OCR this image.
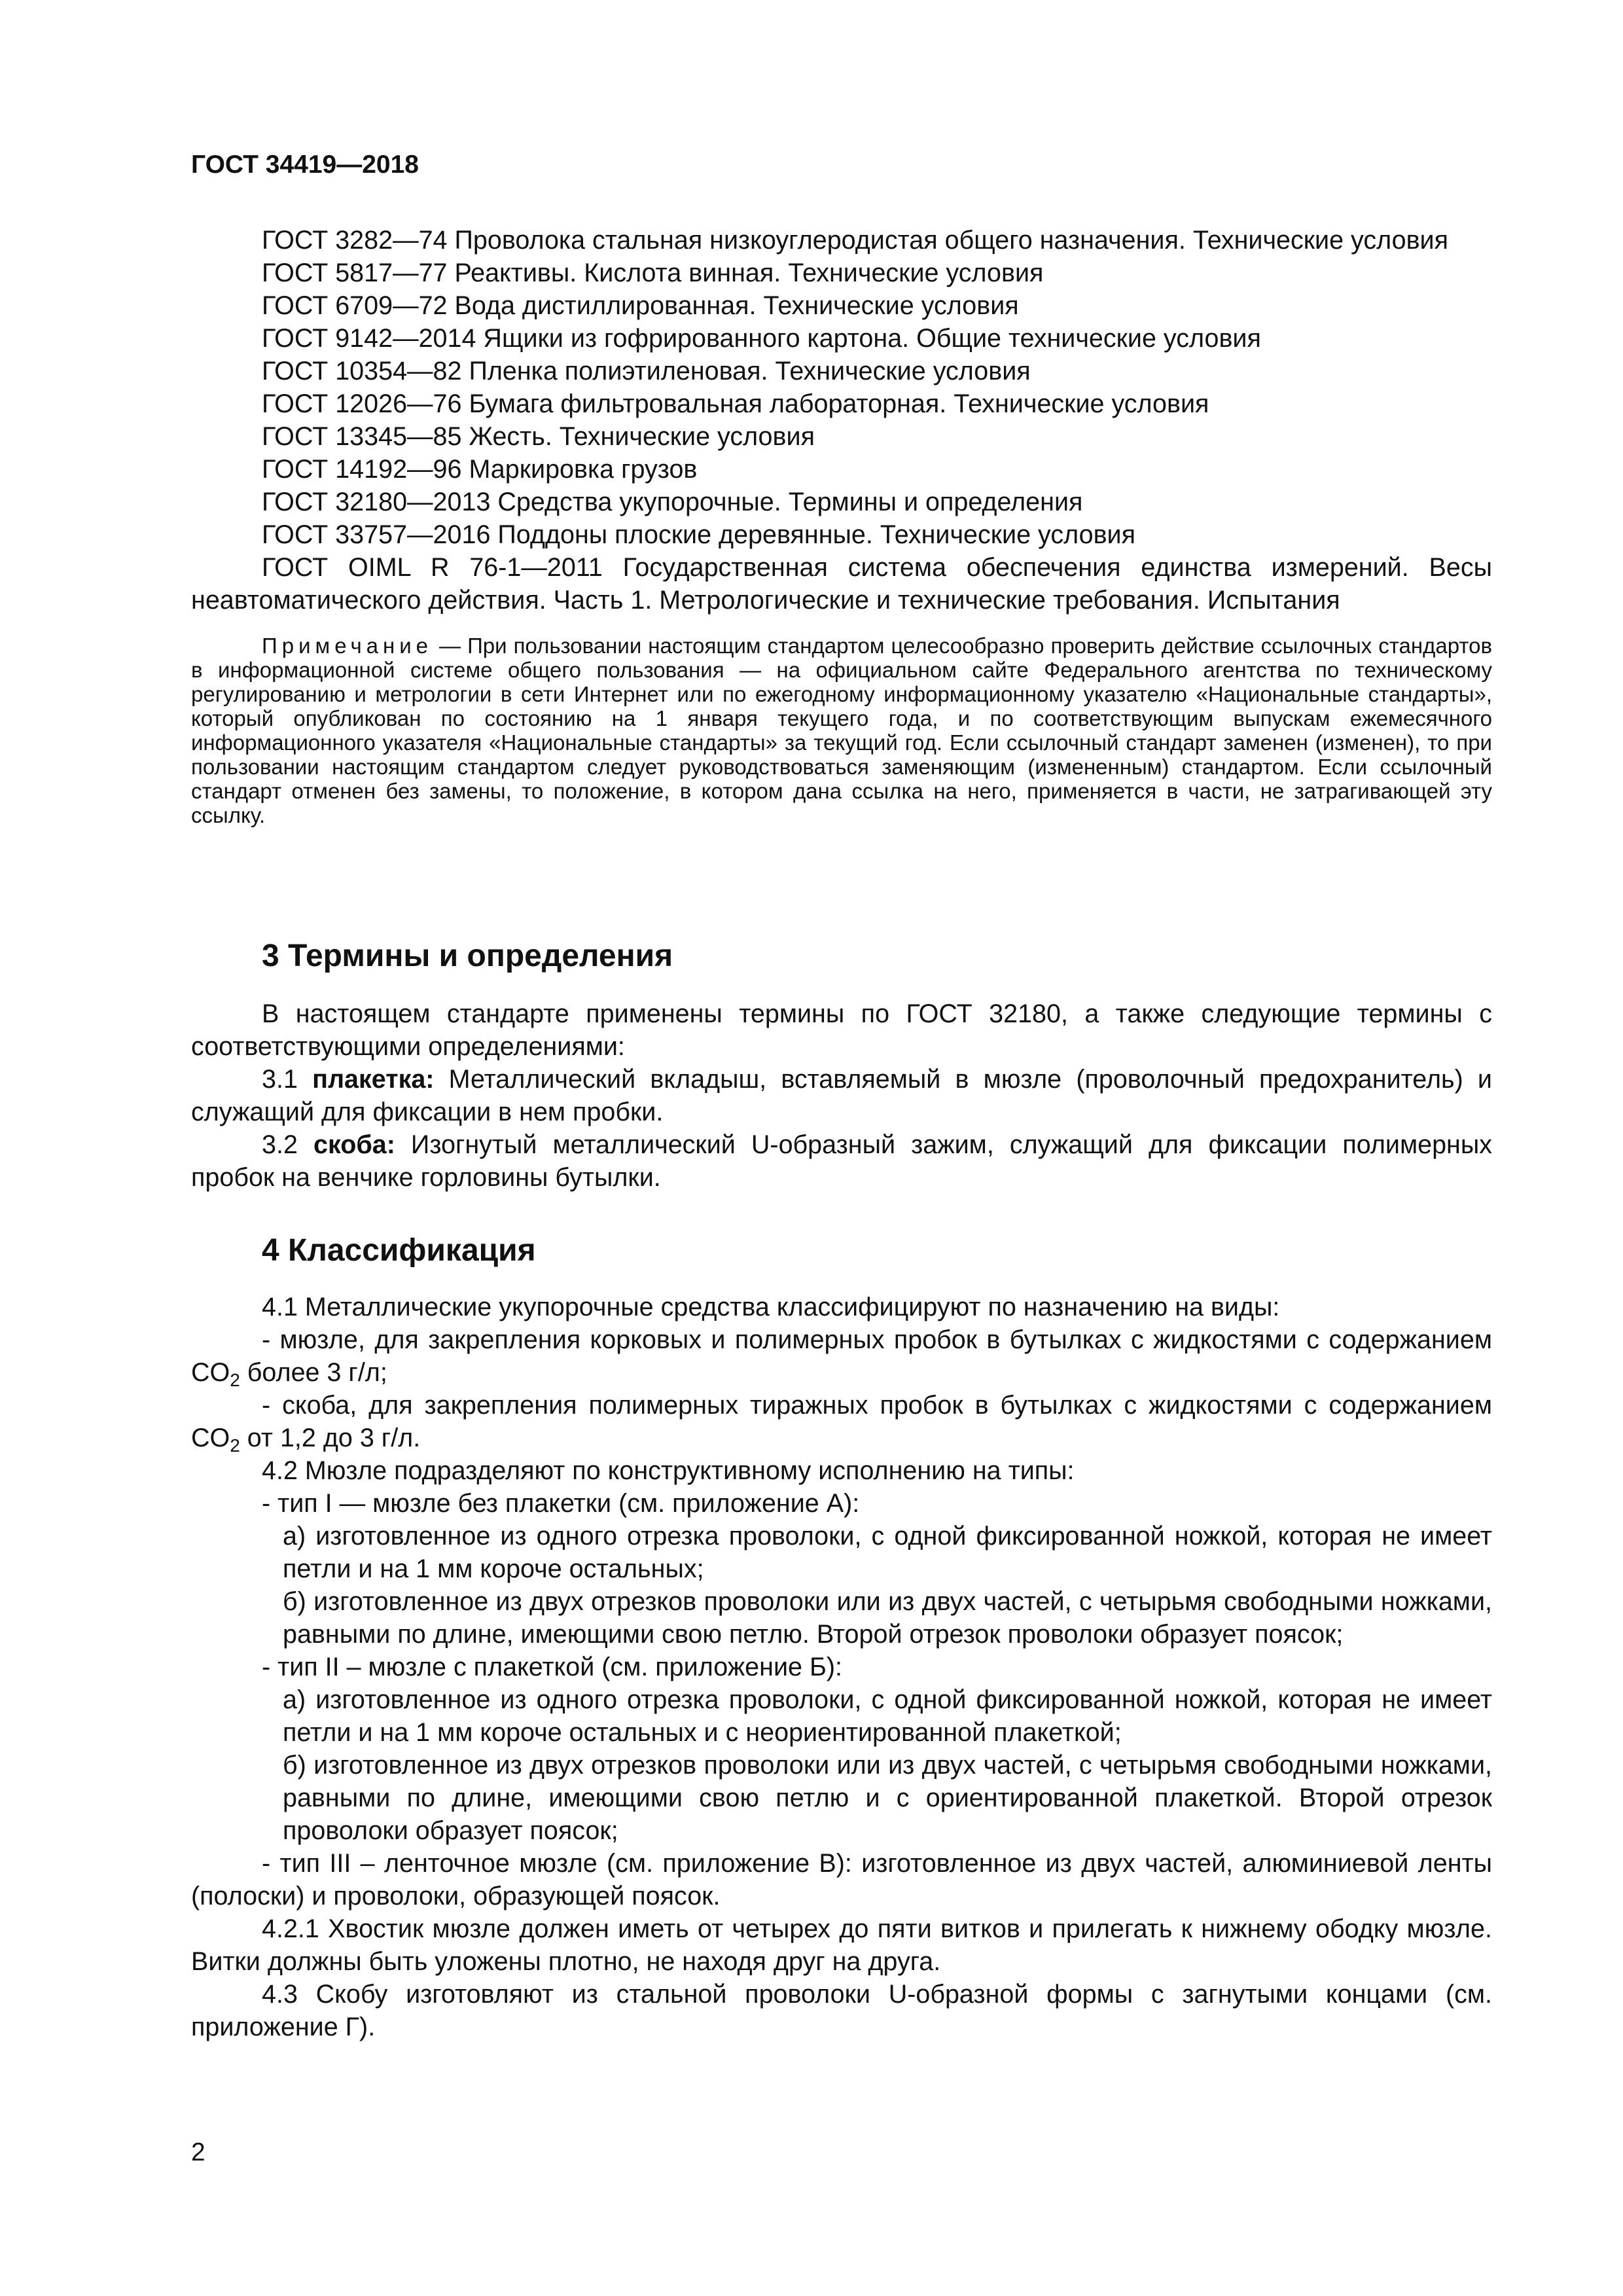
ГОСТ 34419—2018

ГОСТ 3282—74 Проволока стальная низкоуглеродистая общего назначения. Технические условия

ГОСТ 5817—77 Реактивы. Кислота винная. Технические условия

ГОСТ 6709—72 Вода дистиллированная. Технические условия

ГОСТ 9142—2014 Ящики из гофрированного картона. Общие технические условия

ГОСТ 10354—82 Пленка полиэтиленовая. Технические условия

ГОСТ 12026—76 Бумага фильтровальная лабораторная. Технические условия

ГОСТ 13345—85 Жесть. Технические условия

ГОСТ 14192—96 Маркировка грузов

ГОСТ 32180—2013 Средства укупорочные. Термины и определения

ГОСТ 33757—2016 Поддоны плоские деревянные. Технические условия

ГОСТ OIML R 76-1—2011 Государственная система обеспечения единства измерений. Весы неавтоматического действия. Часть 1. Метрологические и технические требования. Испытания

Примечание — При пользовании настоящим стандартом целесообразно проверить действие ссылочных стандартов в информационной системе общего пользования — на официальном сайте Федерального агентства по техническому регулированию и метрологии в сети Интернет или по ежегодному информационному указателю «Национальные стандарты», который опубликован по состоянию на 1 января текущего года, и по соответствующим выпускам ежемесячного информационного указателя «Национальные стандарты» за текущий год. Если ссылочный стандарт заменен (изменен), то при пользовании настоящим стандартом следует руководствоваться заменяющим (измененным) стандартом. Если ссылочный стандарт отменен без замены, то положение, в котором дана ссылка на него, применяется в части, не затрагивающей эту ссылку.

3 Термины и определения

В настоящем стандарте применены термины по ГОСТ 32180, а также следующие термины с соответствующими определениями:

3.1 плакетка: Металлический вкладыш, вставляемый в мюзле (проволочный предохранитель) и служащий для фиксации в нем пробки.

3.2 скоба: Изогнутый металлический U-образный зажим, служащий для фиксации полимерных пробок на венчике горловины бутылки.

4 Классификация

4.1 Металлические укупорочные средства классифицируют по назначению на виды:

- мюзле, для закрепления корковых и полимерных пробок в бутылках с жидкостями с содержанием $CO_2$ более 3 г/л;

- скоба, для закрепления полимерных тиражных пробок в бутылках с жидкостями с содержанием $CO_2$ от 1,2 до 3 г/л.

4.2 Мюзле подразделяют по конструктивному исполнению на типы:

- тип I — мюзле без плакетки (см. приложение А):

а) изготовленное из одного отрезка проволоки, с одной фиксированной ножкой, которая не имеет петли и на 1 мм короче остальных;

б) изготовленное из двух отрезков проволоки или из двух частей, с четырьмя свободными ножками, равными по длине, имеющими свою петлю. Второй отрезок проволоки образует поясок;

- тип II – мюзле с плакеткой (см. приложение Б):

а) изготовленное из одного отрезка проволоки, с одной фиксированной ножкой, которая не имеет петли и на 1 мм короче остальных и с неориентированной плакеткой;

б) изготовленное из двух отрезков проволоки или из двух частей, с четырьмя свободными ножками, равными по длине, имеющими свою петлю и с ориентированной плакеткой. Второй отрезок проволоки образует поясок;

- тип III – ленточное мюзле (см. приложение В): изготовленное из двух частей, алюминиевой ленты (полоски) и проволоки, образующей поясок.

4.2.1 Хвостик мюзле должен иметь от четырех до пяти витков и прилегать к нижнему ободку мюзле. Витки должны быть уложены плотно, не находя друг на друга.

4.3 Скобу изготовляют из стальной проволоки U-образной формы с загнутыми концами (см. приложение Г).

2
